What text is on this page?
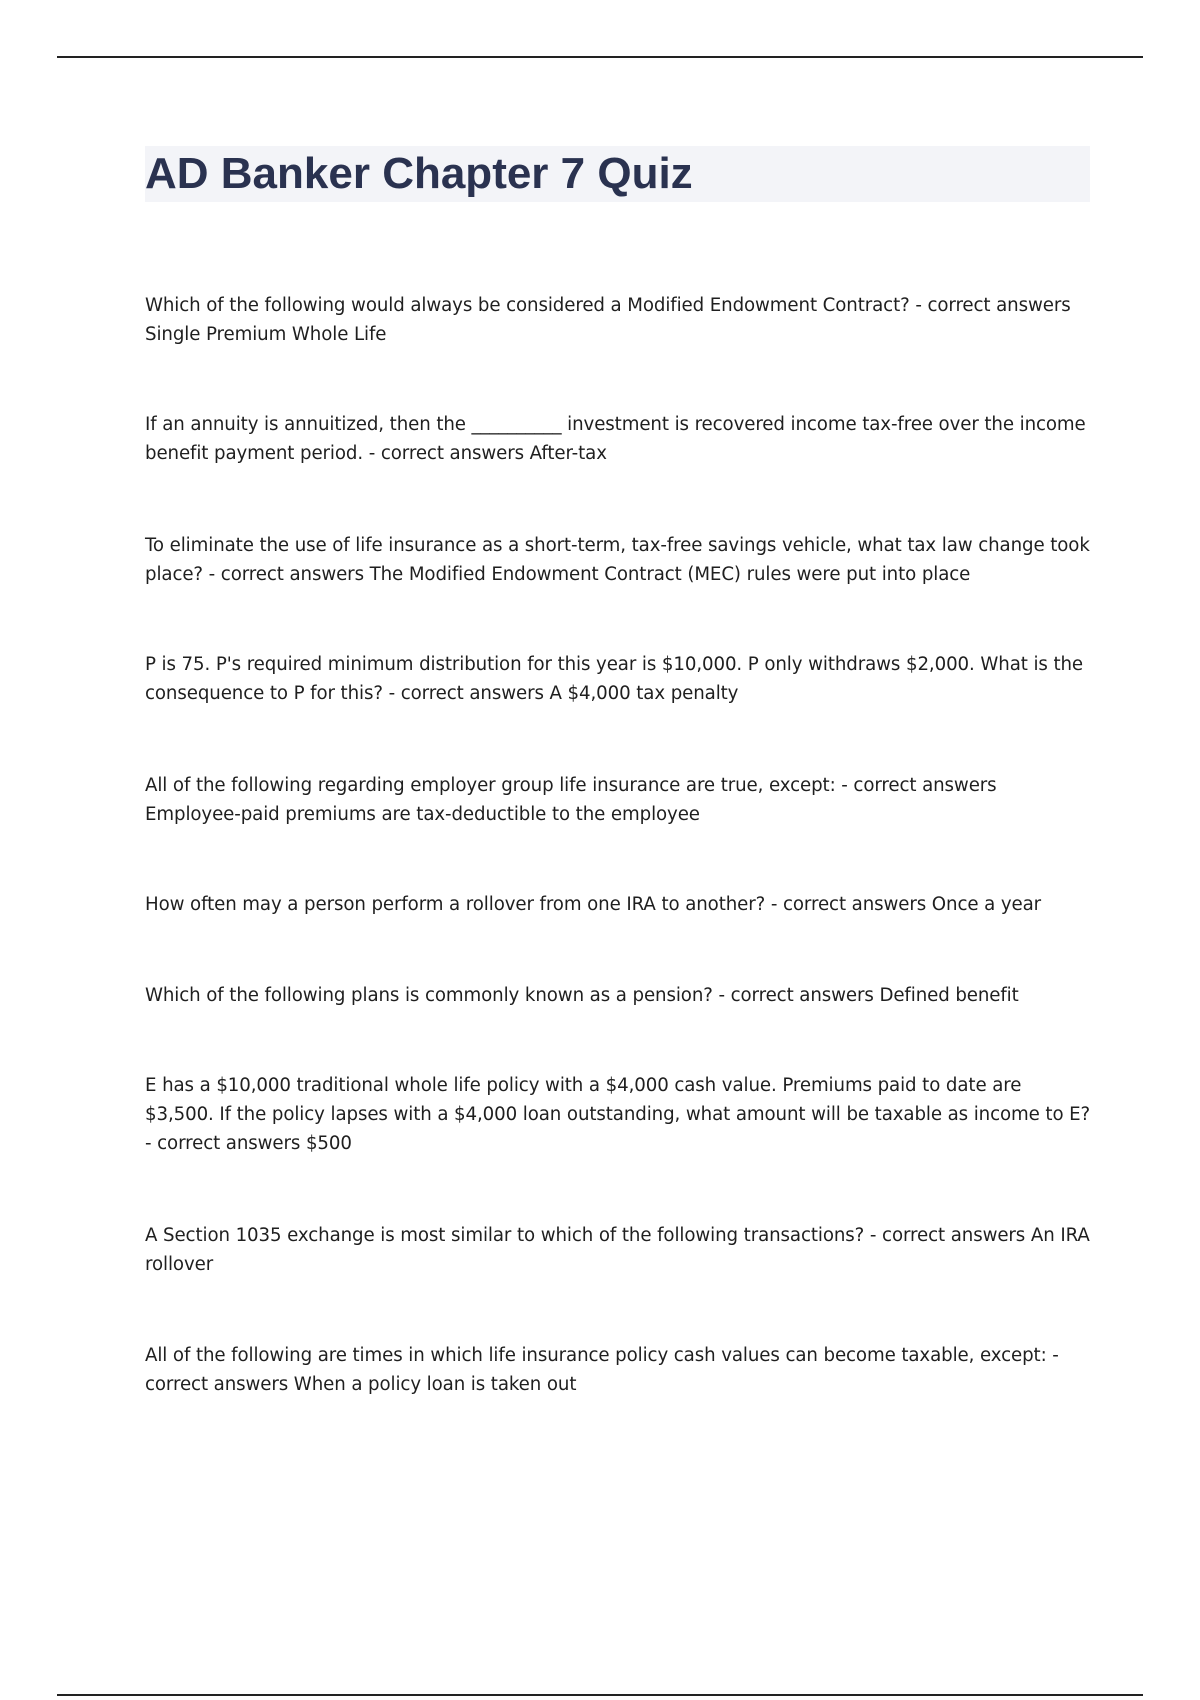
AD Banker Chapter 7 Quiz

Which of the following would always be considered a Modified Endowment Contract? - correct answers Single Premium Whole Life

If an annuity is annuitized, then the __________ investment is recovered income tax-free over the income benefit payment period. - correct answers After-tax

To eliminate the use of life insurance as a short-term, tax-free savings vehicle, what tax law change took place? - correct answers The Modified Endowment Contract (MEC) rules were put into place

P is 75. P's required minimum distribution for this year is $10,000. P only withdraws $2,000. What is the consequence to P for this? - correct answers A $4,000 tax penalty

All of the following regarding employer group life insurance are true, except: - correct answers Employee-paid premiums are tax-deductible to the employee

How often may a person perform a rollover from one IRA to another? - correct answers Once a year

Which of the following plans is commonly known as a pension? - correct answers Defined benefit

E has a $10,000 traditional whole life policy with a $4,000 cash value. Premiums paid to date are $3,500. If the policy lapses with a $4,000 loan outstanding, what amount will be taxable as income to E? - correct answers $500

A Section 1035 exchange is most similar to which of the following transactions? - correct answers An IRA rollover

All of the following are times in which life insurance policy cash values can become taxable, except: - correct answers When a policy loan is taken out
